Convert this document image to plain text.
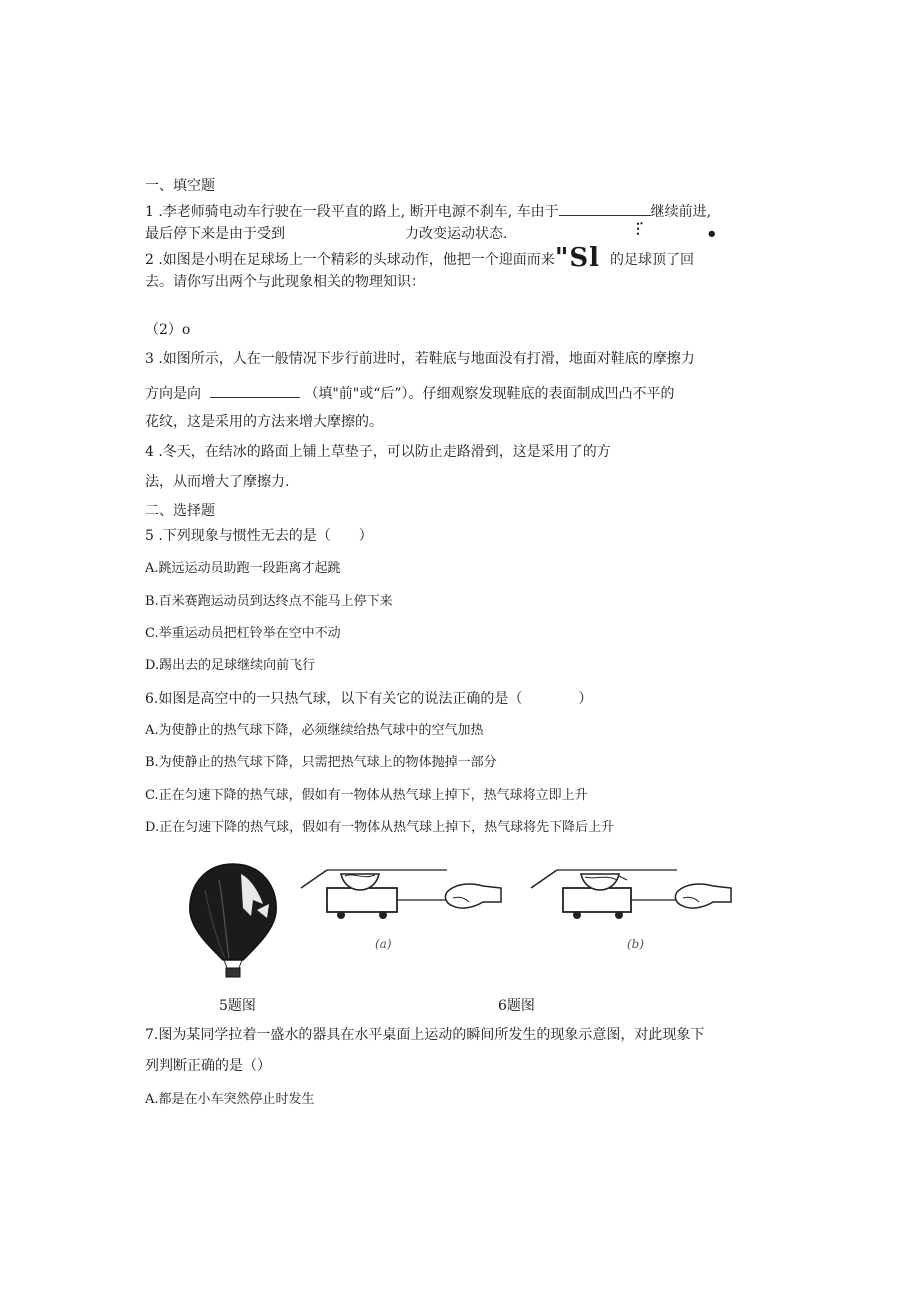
一、填空题
1 .李老师骑电动车行驶在一段平直的路上, 断开电源不刹车, 车由于	继续前进,
最后停下来是由于受到	力改变运动状态.	⋮̇	•
2 .如图是小明在足球场上一个精彩的头球动作，他把一个迎面而来"Sl 的足球顶了回
去。请你写出两个与此现象相关的物理知识：
（2）o
3 .如图所示，人在一般情况下步行前进时，若鞋底与地面没有打滑，地面对鞋底的摩擦力
方向是向	（填"前"或“后”）。仔细观察发现鞋底的表面制成凹凸不平的
花纹，这是采用的方法来增大摩擦的。
4 .冬天，在结冰的路面上铺上草垫子，可以防止走路滑到，这是采用了的方
法，从而增大了摩擦力.
二、选择题
5 .下列现象与惯性无去的是（　　）
A.跳远运动员助跑一段距离才起跳
B.百米赛跑运动员到达终点不能马上停下来
C.举重运动员把杠铃举在空中不动
D.踢出去的足球继续向前飞行
6.如图是高空中的一只热气球，以下有关它的说法正确的是（　　　　）
A.为使静止的热气球下降，必须继续给热气球中的空气加热
B.为使静止的热气球下降，只需把热气球上的物体抛掉一部分
C.正在匀速下降的热气球，假如有一物体从热气球上掉下，热气球将立即上升
D.正在匀速下降的热气球，假如有一物体从热气球上掉下，热气球将先下降后上升
(a)	(b)
5题图	6题图
7.图为某同学拉着一盛水的器具在水平桌面上运动的瞬间所发生的现象示意图，对此现象下
列判断正确的是（）
A.都是在小车突然停止时发生
